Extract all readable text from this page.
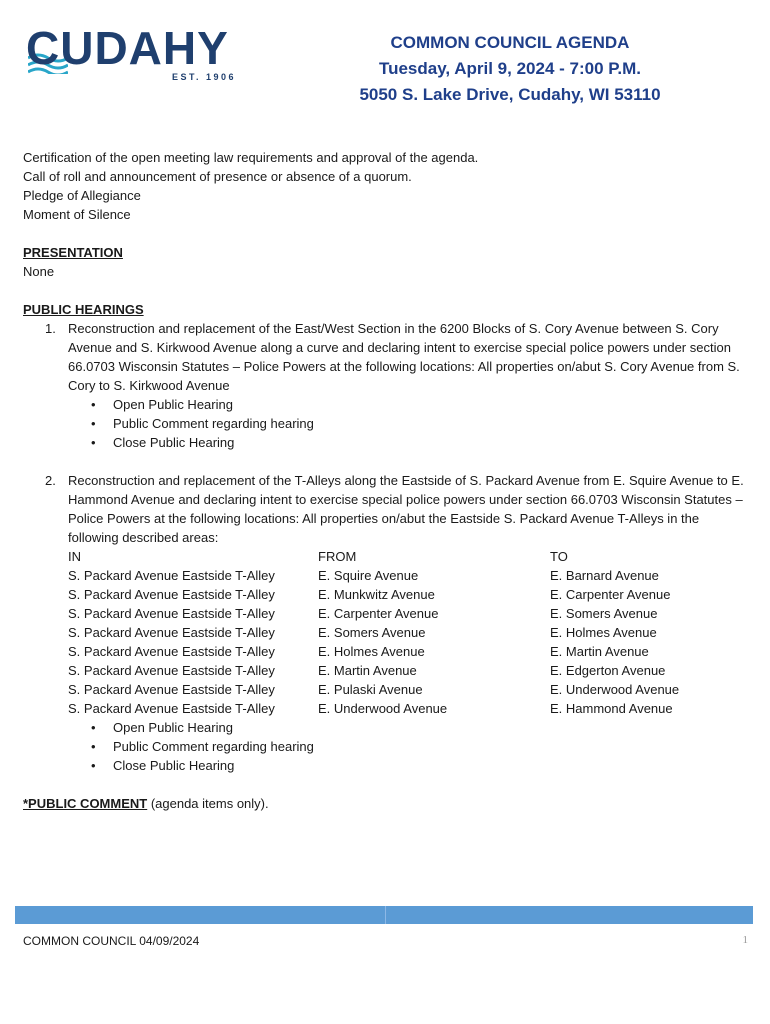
CUDAHY
EST. 1906
COMMON COUNCIL AGENDA
Tuesday, April 9, 2024 - 7:00 P.M.
5050 S. Lake Drive, Cudahy, WI 53110

Certification of the open meeting law requirements and approval of the agenda.

Call of roll and announcement of presence or absence of a quorum.

Pledge of Allegiance

Moment of Silence

PRESENTATION

None

PUBLIC HEARINGS

1. Reconstruction and replacement of the East/West Section in the 6200 Blocks of S. Cory Avenue between S. Cory Avenue and S. Kirkwood Avenue along a curve and declaring intent to exercise special police powers under section 66.0703 Wisconsin Statutes – Police Powers at the following locations: All properties on/abut S. Cory Avenue from S. Cory to S. Kirkwood Avenue

• Open Public Hearing
• Public Comment regarding hearing
• Close Public Hearing
2. Reconstruction and replacement of the T-Alleys along the Eastside of S. Packard Avenue from E. Squire Avenue to E. Hammond Avenue and declaring intent to exercise special police powers under section 66.0703 Wisconsin Statutes – Police Powers at the following locations: All properties on/abut the Eastside S. Packard Avenue T-Alleys in the following described areas:

IN	FROM	TO
S. Packard Avenue Eastside T-Alley	E. Squire Avenue	E. Barnard Avenue
S. Packard Avenue Eastside T-Alley	E. Munkwitz Avenue	E. Carpenter Avenue
S. Packard Avenue Eastside T-Alley	E. Carpenter Avenue	E. Somers Avenue
S. Packard Avenue Eastside T-Alley	E. Somers Avenue	E. Holmes Avenue
S. Packard Avenue Eastside T-Alley	E. Holmes Avenue	E. Martin Avenue
S. Packard Avenue Eastside T-Alley	E. Martin Avenue	E. Edgerton Avenue
S. Packard Avenue Eastside T-Alley	E. Pulaski Avenue	E. Underwood Avenue
S. Packard Avenue Eastside T-Alley	E. Underwood Avenue	E. Hammond Avenue
• Open Public Hearing
• Public Comment regarding hearing
• Close Public Hearing

*PUBLIC COMMENT (agenda items only).

COMMON COUNCIL 04/09/2024	1
